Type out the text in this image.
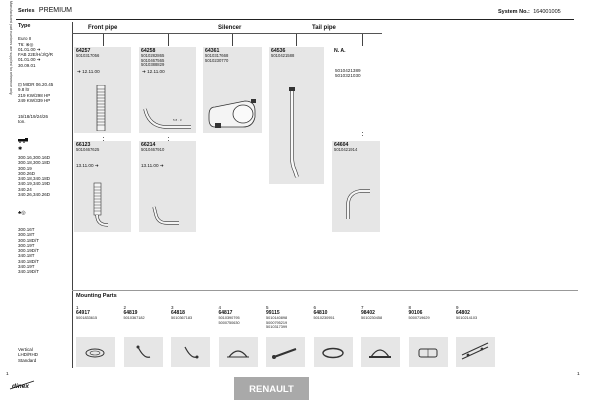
Series PREMIUM	System No.: 164001005
Manufactured part numbers are supplied for reference only Type
Euro II
T6: ⊗◎
01.01.00 ➔
FAB 22E/H/J/Q/R
01.01.00 ➔
30.09.01
⊡ MIDR 06.20.45
9.8 ltr
219 KW/298 HP
249 KW/339 HP
15/18/19/24/26
ton.
✱
300.16,300.16D
300.18,300.18D
300.19
300.26D
340.18,340.18D
340.19,340.19D
340.24
340.26,340.26D
♣◎
300.16T
300.18T
300.18D/T
300.19T
300.19D/T
340.18T
340.18D/T
340.19T
340.19D/T
Vertical
LHD/RHD
Standard
Front pipe	Silencer	Tail pipe
64257
5010317056
➔ 12.11.00
64258
5010282865
5010467565
5010388829
➔ 12.11.00
5 8 · 3
64361
5010317668
5010230770
64536
5010421588
N. A.
5010421389
5010321030
66123
5010467625
13.11.00 ➔
66214
5010467910
13.11.00 ➔
64604
5010421914
Mounting Parts
1
64917
5001833615
2
64819
5010367182
3
64818
5010367183
4
64817
5010390795
5000750630
5
99115
5010140898
5000795219
5010317399
6
64810
5010230951
7
98402
5010230458
8
90106
5000719629
9
64802
5010214103
1	1
dinex	RENAULT
